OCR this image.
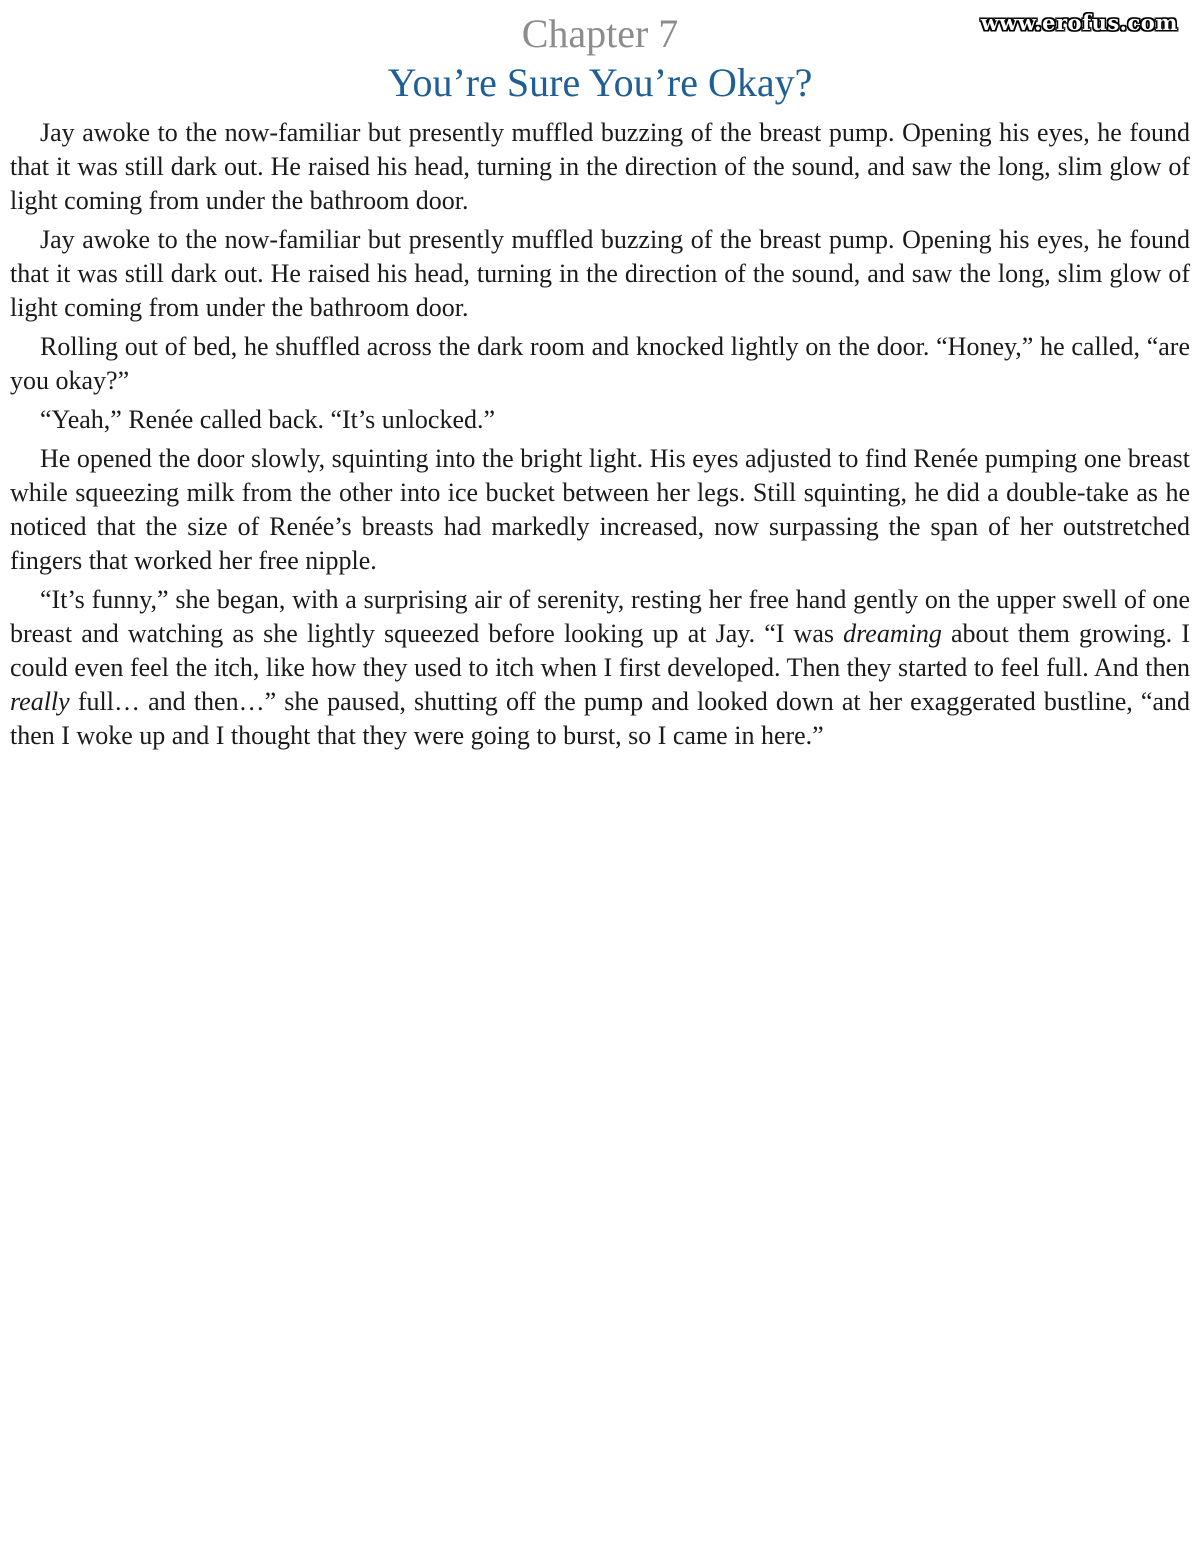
www.erofus.com
Chapter 7
You’re Sure You’re Okay?

Jay awoke to the now-familiar but presently muffled buzzing of the breast pump. Opening his eyes, he found that it was still dark out. He raised his head, turning in the direction of the sound, and saw the long, slim glow of light coming from under the bathroom door.

Jay awoke to the now-familiar but presently muffled buzzing of the breast pump. Opening his eyes, he found that it was still dark out. He raised his head, turning in the direction of the sound, and saw the long, slim glow of light coming from under the bathroom door.

Rolling out of bed, he shuffled across the dark room and knocked lightly on the door. “Honey,” he called, “are you okay?”

“Yeah,” Renée called back. “It’s unlocked.”

He opened the door slowly, squinting into the bright light. His eyes adjusted to find Renée pumping one breast while squeezing milk from the other into ice bucket between her legs. Still squinting, he did a double-take as he noticed that the size of Renée’s breasts had markedly increased, now surpassing the span of her outstretched fingers that worked her free nipple.

“It’s funny,” she began, with a surprising air of serenity, resting her free hand gently on the upper swell of one breast and watching as she lightly squeezed before looking up at Jay. “I was dreaming about them growing. I could even feel the itch, like how they used to itch when I first developed. Then they started to feel full. And then really full… and then…” she paused, shutting off the pump and looked down at her exaggerated bustline, “and then I woke up and I thought that they were going to burst, so I came in here.”
